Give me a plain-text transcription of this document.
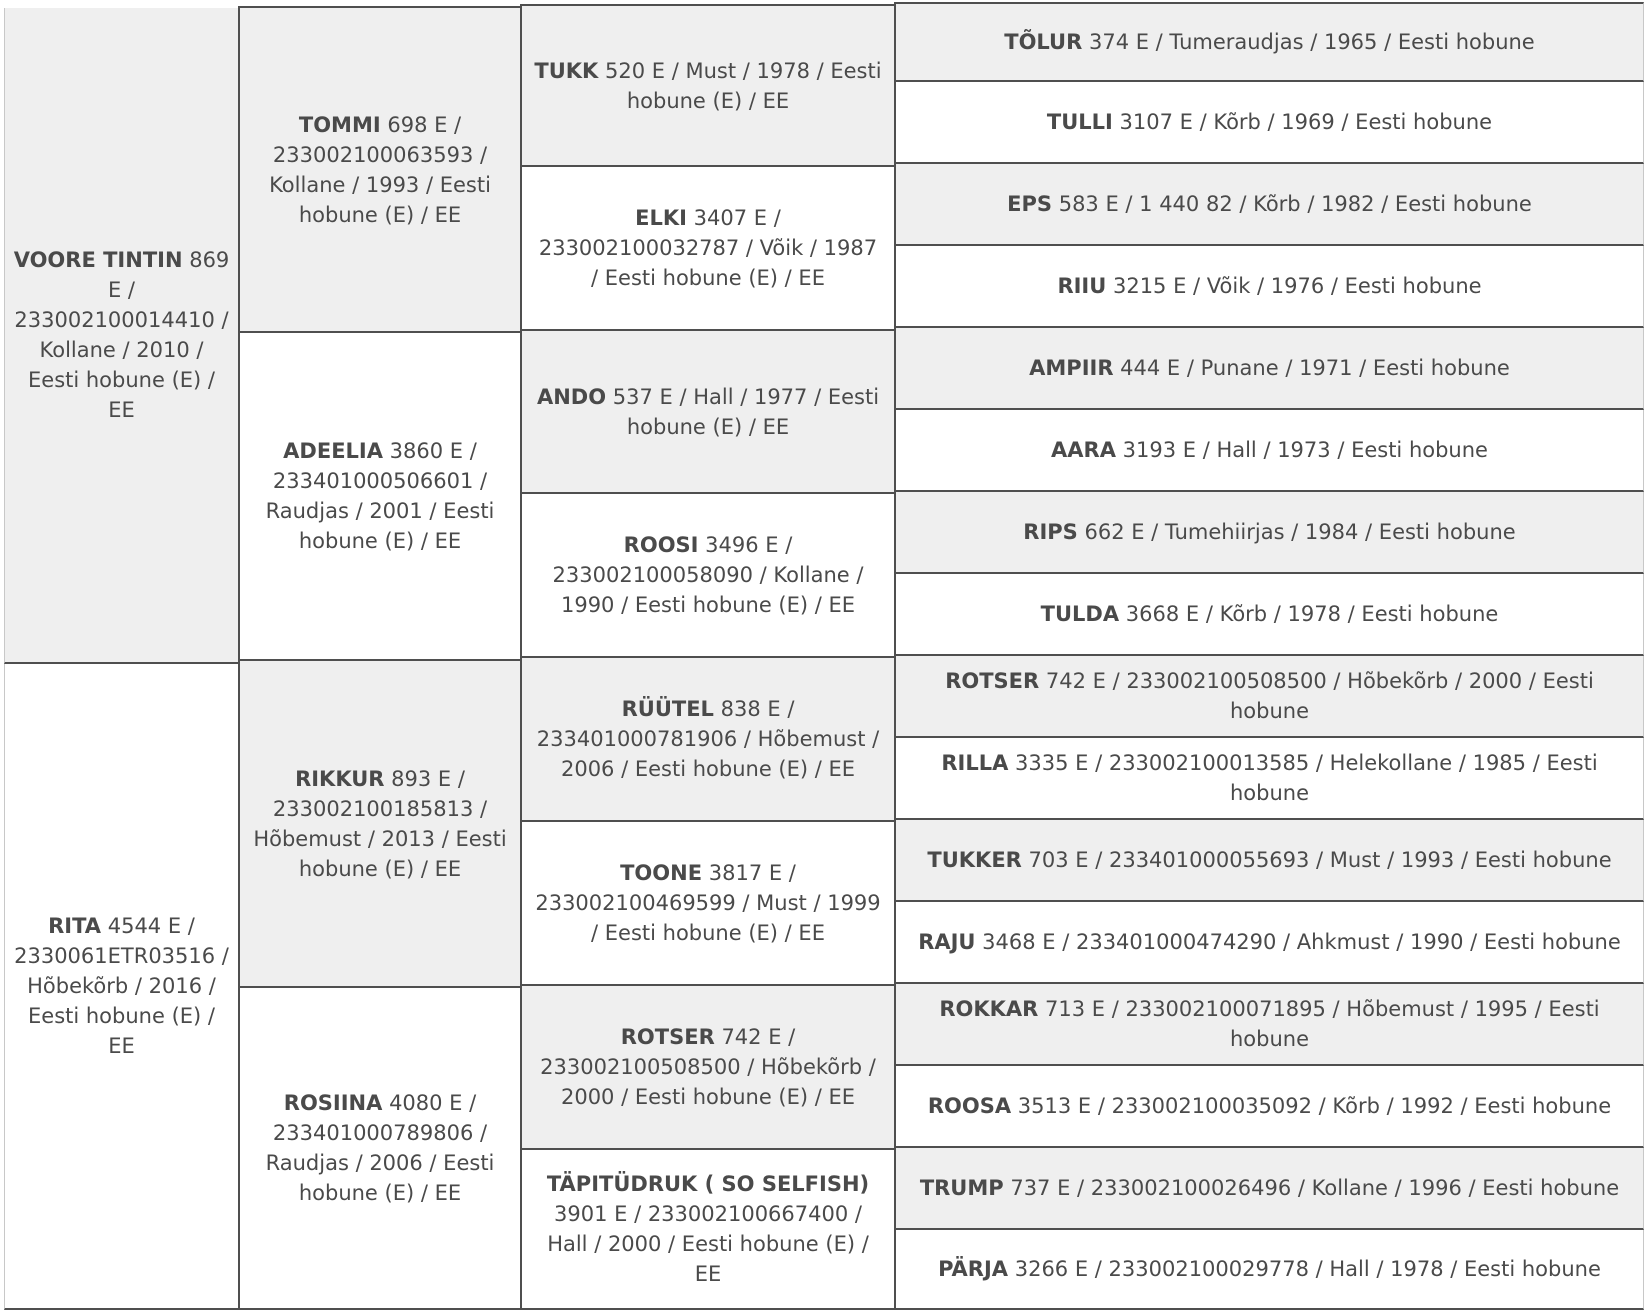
VOORE TINTIN 869 E / 233002100014410 / Kollane / 2010 / Eesti hobune (E) / EE
RITA 4544 E / 2330061ETR03516 / Hõbekõrb / 2016 / Eesti hobune (E) / EE
TOMMI 698 E / 233002100063593 / Kollane / 1993 / Eesti hobune (E) / EE
ADEELIA 3860 E / 233401000506601 / Raudjas / 2001 / Eesti hobune (E) / EE
RIKKUR 893 E / 233002100185813 / Hõbemust / 2013 / Eesti hobune (E) / EE
ROSIINA 4080 E / 233401000789806 / Raudjas / 2006 / Eesti hobune (E) / EE
TUKK 520 E / Must / 1978 / Eesti hobune (E) / EE
ELKI 3407 E / 233002100032787 / Võik / 1987 / Eesti hobune (E) / EE
ANDO 537 E / Hall / 1977 / Eesti hobune (E) / EE
ROOSI 3496 E / 233002100058090 / Kollane / 1990 / Eesti hobune (E) / EE
RÜÜTEL 838 E / 233401000781906 / Hõbemust / 2006 / Eesti hobune (E) / EE
TOONE 3817 E / 233002100469599 / Must / 1999 / Eesti hobune (E) / EE
ROTSER 742 E / 233002100508500 / Hõbekõrb / 2000 / Eesti hobune (E) / EE
TÄPITÜDRUK ( SO SELFISH) 3901 E / 233002100667400 / Hall / 2000 / Eesti hobune (E) / EE
TÕLUR 374 E / Tumeraudjas / 1965 / Eesti hobune
TULLI 3107 E / Kõrb / 1969 / Eesti hobune
EPS 583 E / 1 440 82 / Kõrb / 1982 / Eesti hobune
RIIU 3215 E / Võik / 1976 / Eesti hobune
AMPIIR 444 E / Punane / 1971 / Eesti hobune
AARA 3193 E / Hall / 1973 / Eesti hobune
RIPS 662 E / Tumehiirjas / 1984 / Eesti hobune
TULDA 3668 E / Kõrb / 1978 / Eesti hobune
ROTSER 742 E / 233002100508500 / Hõbekõrb / 2000 / Eesti hobune
RILLA 3335 E / 233002100013585 / Helekollane / 1985 / Eesti hobune
TUKKER 703 E / 233401000055693 / Must / 1993 / Eesti hobune
RAJU 3468 E / 233401000474290 / Ahkmust / 1990 / Eesti hobune
ROKKAR 713 E / 233002100071895 / Hõbemust / 1995 / Eesti hobune
ROOSA 3513 E / 233002100035092 / Kõrb / 1992 / Eesti hobune
TRUMP 737 E / 233002100026496 / Kollane / 1996 / Eesti hobune
PÄRJA 3266 E / 233002100029778 / Hall / 1978 / Eesti hobune
